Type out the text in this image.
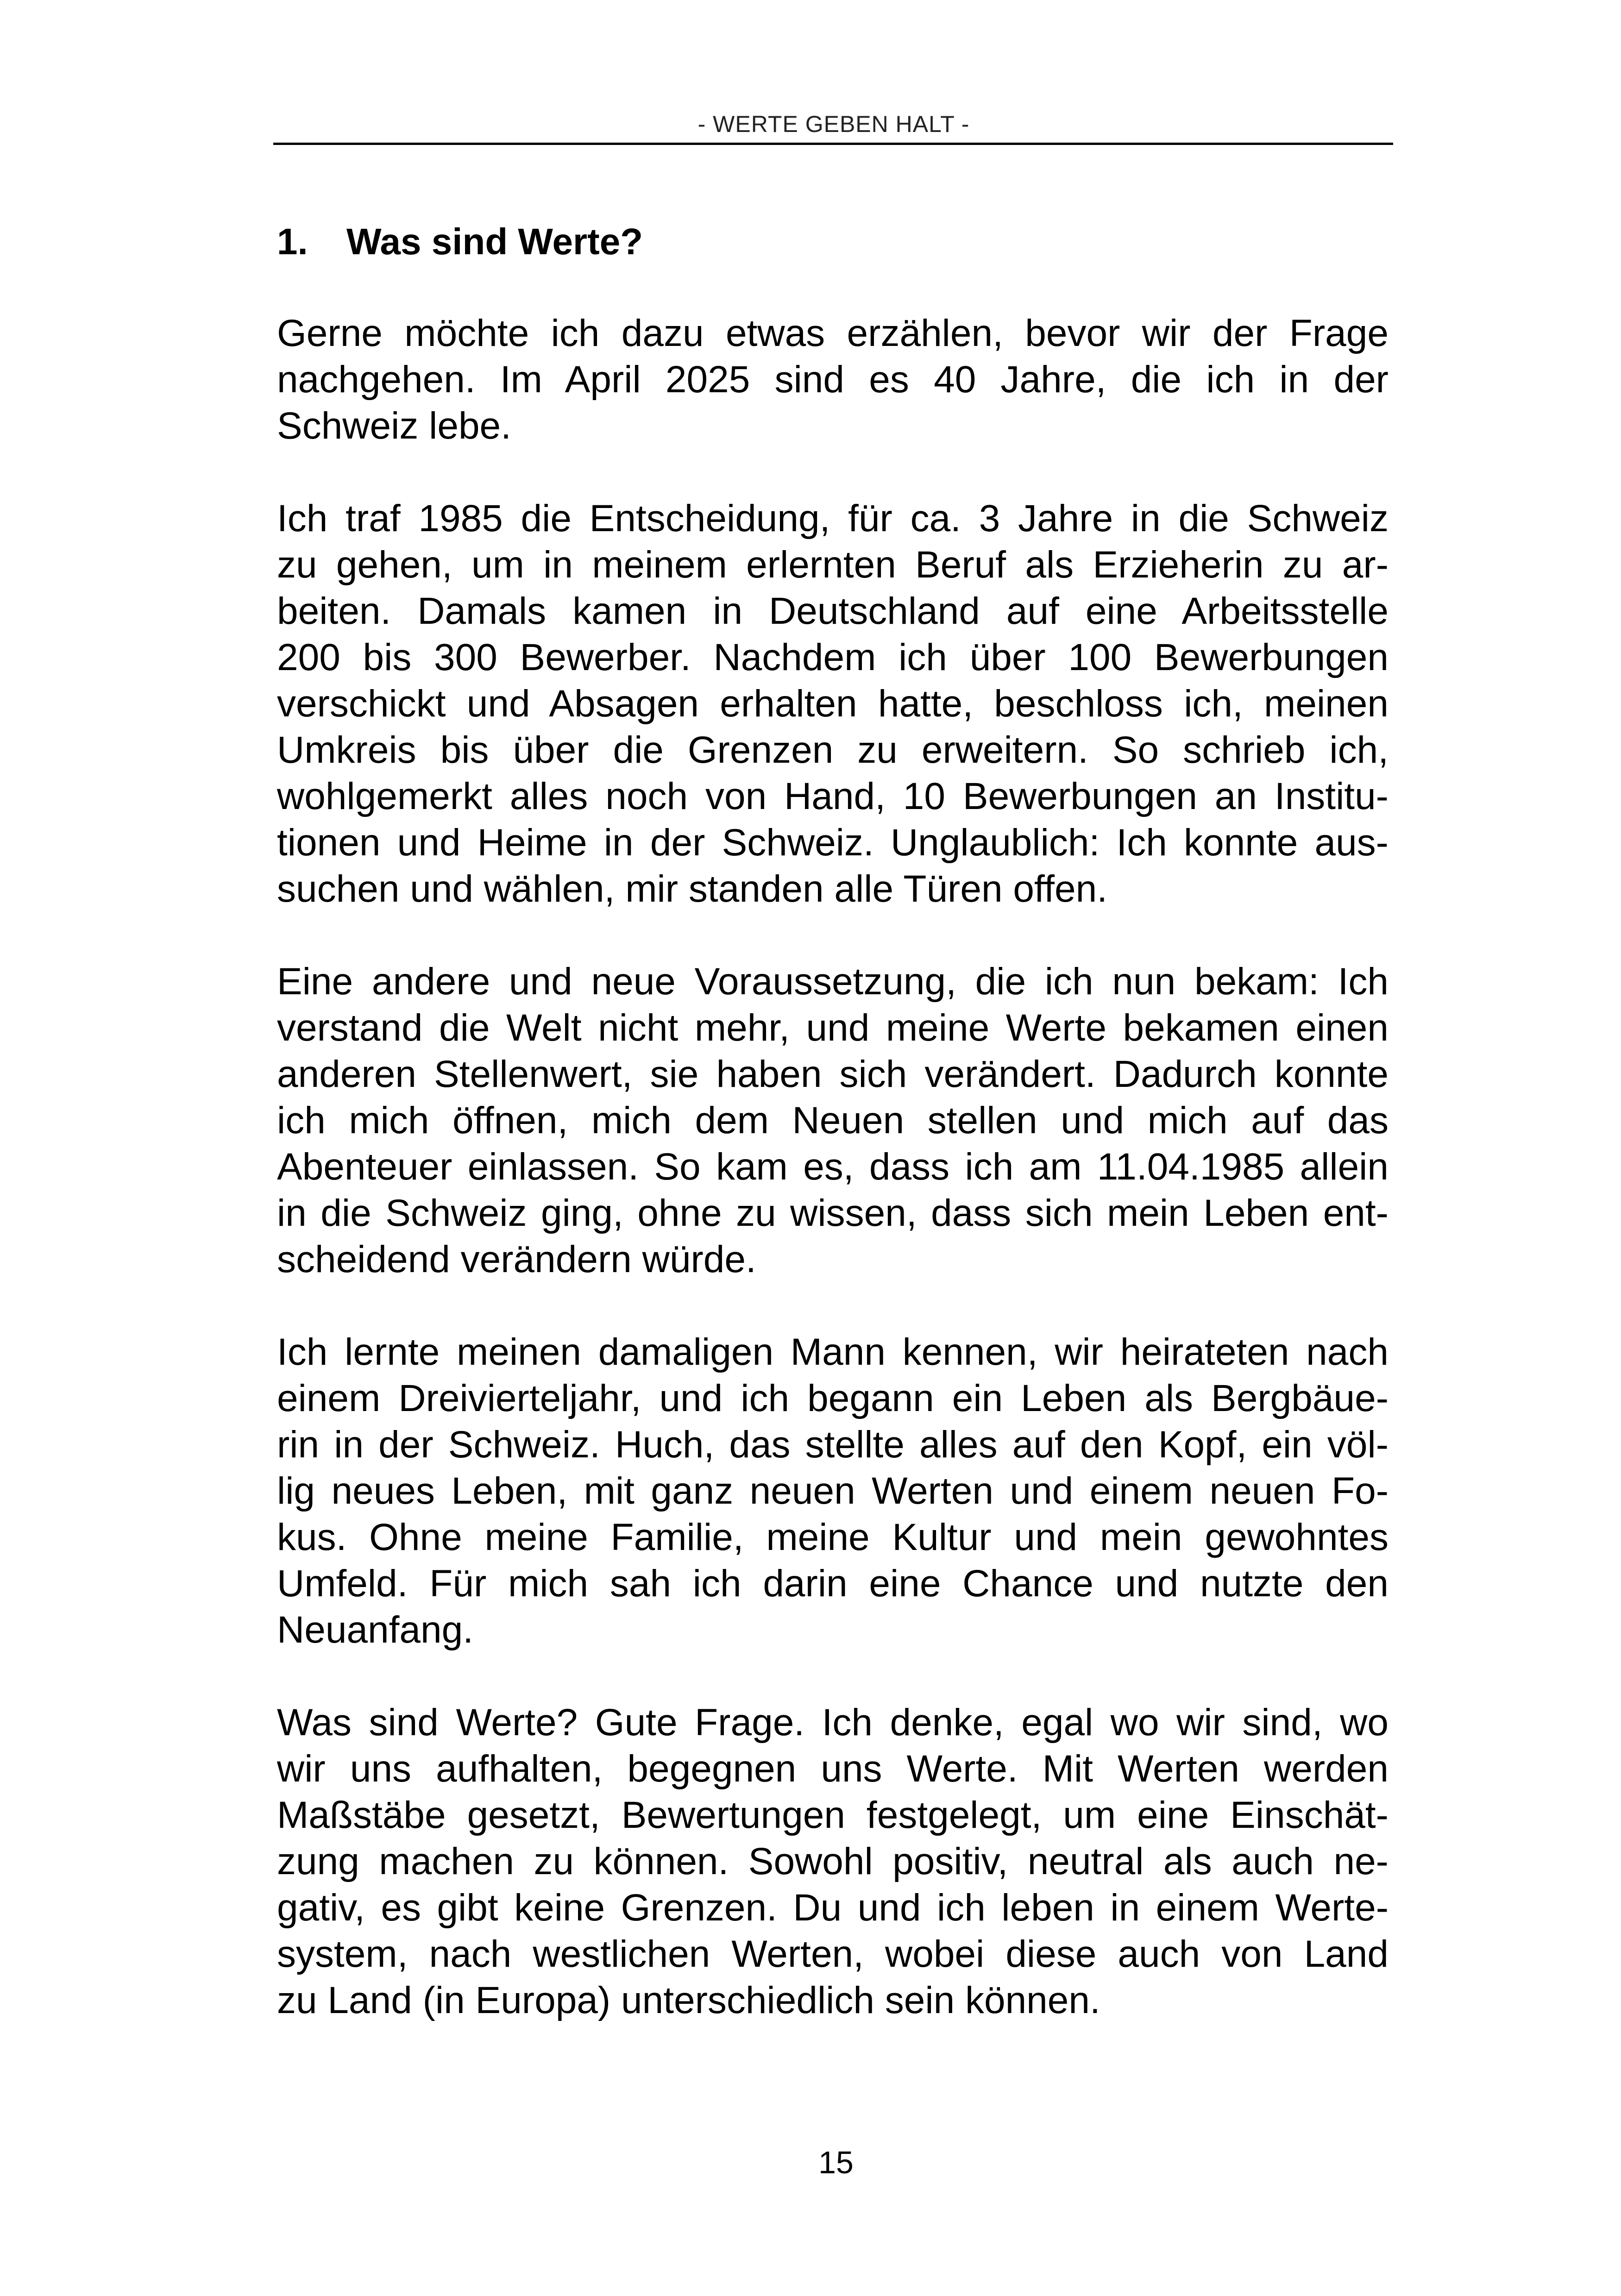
- WERTE GEBEN HALT -
1. Was sind Werte?

Gerne möchte ich dazu etwas erzählen, bevor wir der Frage
nachgehen. Im April 2025 sind es 40 Jahre, die ich in der
Schweiz lebe.

Ich traf 1985 die Entscheidung, für ca. 3 Jahre in die Schweiz
zu gehen, um in meinem erlernten Beruf als Erzieherin zu ar-
beiten. Damals kamen in Deutschland auf eine Arbeitsstelle
200 bis 300 Bewerber. Nachdem ich über 100 Bewerbungen
verschickt und Absagen erhalten hatte, beschloss ich, meinen
Umkreis bis über die Grenzen zu erweitern. So schrieb ich,
wohlgemerkt alles noch von Hand, 10 Bewerbungen an Institu-
tionen und Heime in der Schweiz. Unglaublich: Ich konnte aus-
suchen und wählen, mir standen alle Türen offen.

Eine andere und neue Voraussetzung, die ich nun bekam: Ich
verstand die Welt nicht mehr, und meine Werte bekamen einen
anderen Stellenwert, sie haben sich verändert. Dadurch konnte
ich mich öffnen, mich dem Neuen stellen und mich auf das
Abenteuer einlassen. So kam es, dass ich am 11.04.1985 allein
in die Schweiz ging, ohne zu wissen, dass sich mein Leben ent-
scheidend verändern würde.

Ich lernte meinen damaligen Mann kennen, wir heirateten nach
einem Dreivierteljahr, und ich begann ein Leben als Bergbäue-
rin in der Schweiz. Huch, das stellte alles auf den Kopf, ein völ-
lig neues Leben, mit ganz neuen Werten und einem neuen Fo-
kus. Ohne meine Familie, meine Kultur und mein gewohntes
Umfeld. Für mich sah ich darin eine Chance und nutzte den
Neuanfang.

Was sind Werte? Gute Frage. Ich denke, egal wo wir sind, wo
wir uns aufhalten, begegnen uns Werte. Mit Werten werden
Maßstäbe gesetzt, Bewertungen festgelegt, um eine Einschät-
zung machen zu können. Sowohl positiv, neutral als auch ne-
gativ, es gibt keine Grenzen. Du und ich leben in einem Werte-
system, nach westlichen Werten, wobei diese auch von Land
zu Land (in Europa) unterschiedlich sein können.

15
